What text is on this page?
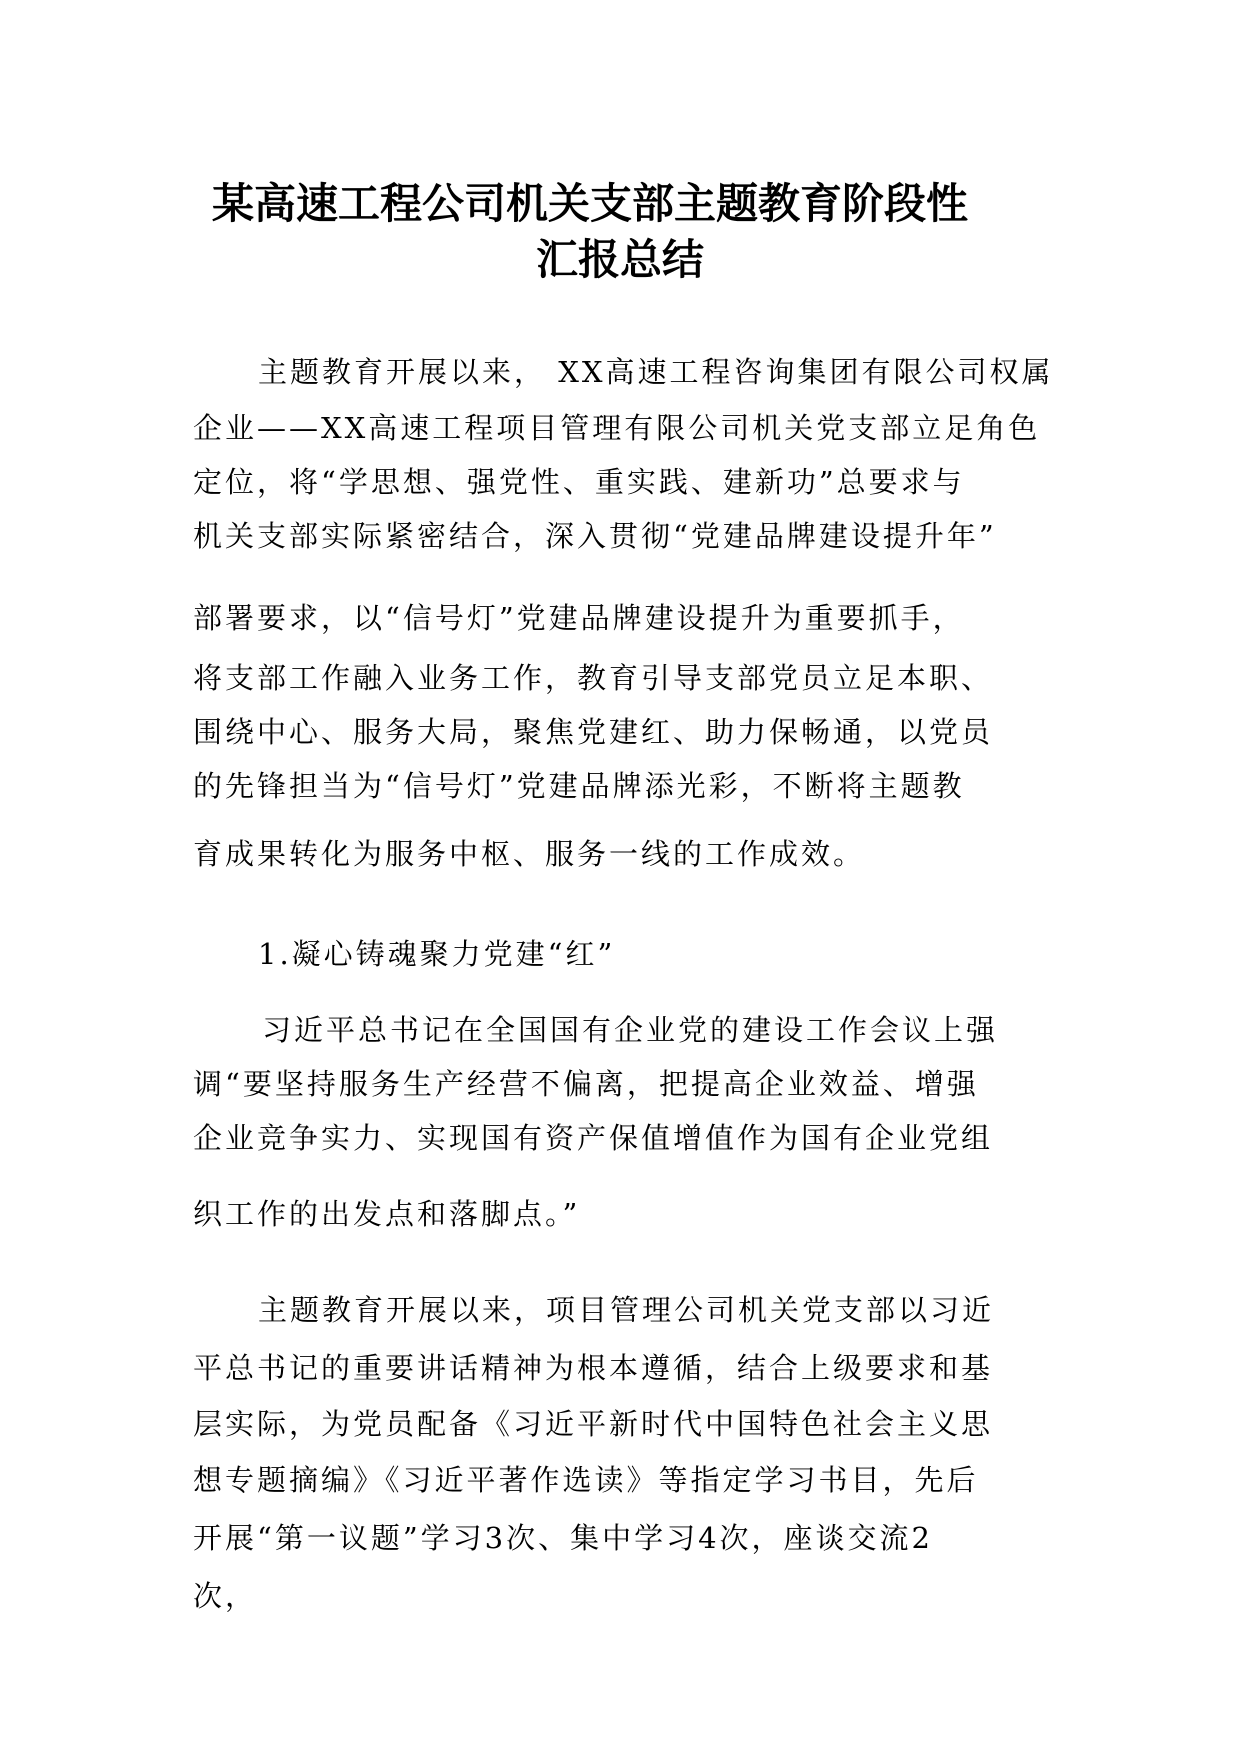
某高速工程公司机关支部主题教育阶段性
汇报总结
主题教育开展以来， XX高速工程咨询集团有限公司权属
企业——XX高速工程项目管理有限公司机关党支部立足角色
定位，将“学思想、强党性、重实践、建新功”总要求与
机关支部实际紧密结合，深入贯彻“党建品牌建设提升年”
部署要求，以“信号灯”党建品牌建设提升为重要抓手，
将支部工作融入业务工作，教育引导支部党员立足本职、
围绕中心、服务大局，聚焦党建红、助力保畅通，以党员
的先锋担当为“信号灯”党建品牌添光彩，不断将主题教
育成果转化为服务中枢、服务一线的工作成效。
1.凝心铸魂聚力党建“红”
习近平总书记在全国国有企业党的建设工作会议上强
调“要坚持服务生产经营不偏离，把提高企业效益、增强
企业竞争实力、实现国有资产保值增值作为国有企业党组
织工作的出发点和落脚点。”
主题教育开展以来，项目管理公司机关党支部以习近
平总书记的重要讲话精神为根本遵循，结合上级要求和基
层实际，为党员配备《习近平新时代中国特色社会主义思
想专题摘编》《习近平著作选读》等指定学习书目，先后
开展“第一议题”学习3次、集中学习4次，座谈交流2
次，
